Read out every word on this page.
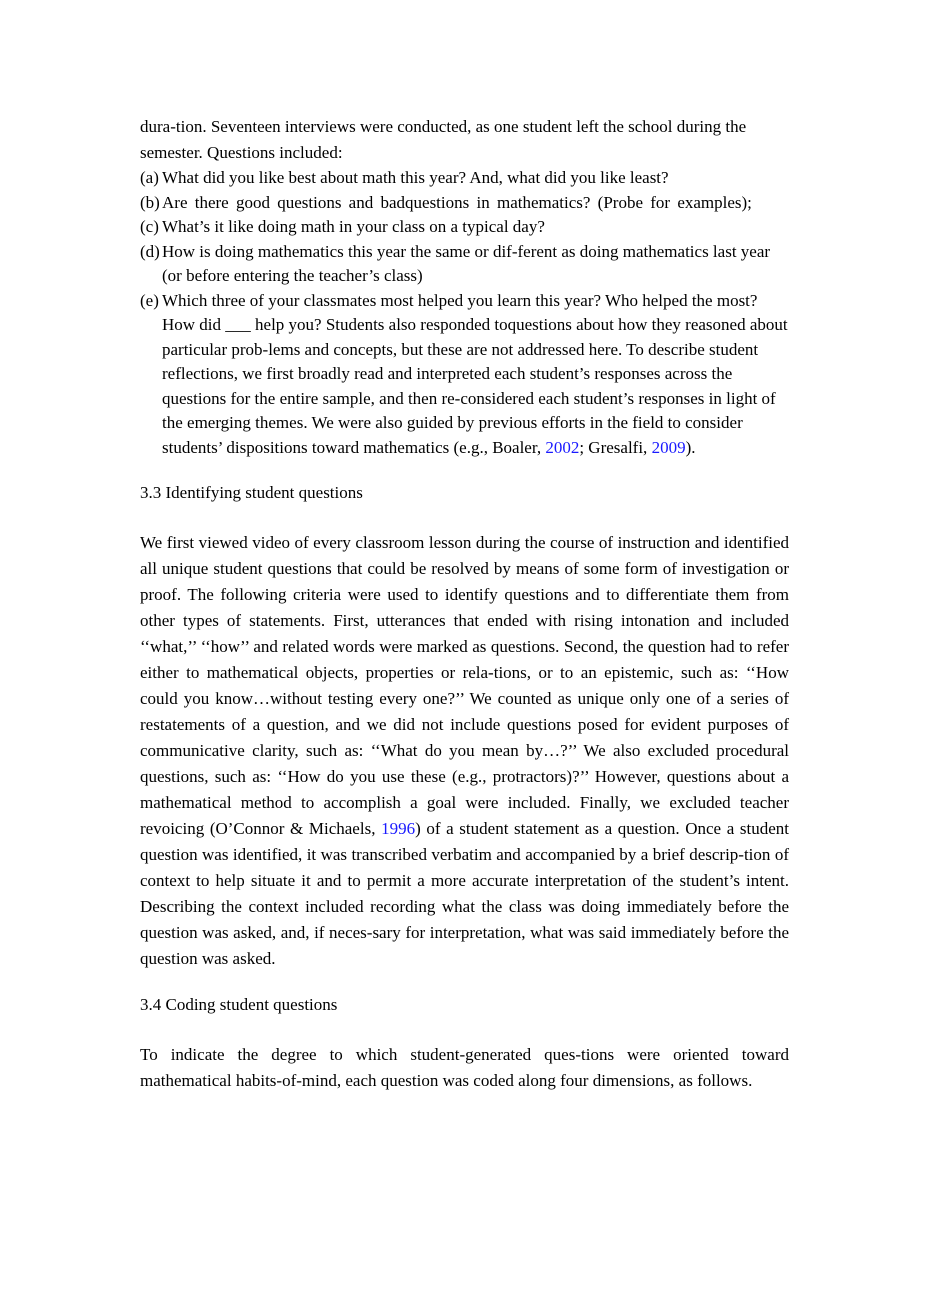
dura-tion. Seventeen interviews were conducted, as one student left the school during the semester. Questions included:

(a) What did you like best about math this year? And, what did you like least?
(b) Are there good questions and badquestions in mathematics? (Probe for examples);
(c) What’s it like doing math in your class on a typical day?
(d) How is doing mathematics this year the same or dif-ferent as doing mathematics last year (or before entering the teacher’s class)
(e) Which three of your classmates most helped you learn this year? Who helped the most? How did ___ help you? Students also responded toquestions about how they reasoned about particular prob-lems and concepts, but these are not addressed here. To describe student reflections, we first broadly read and interpreted each student’s responses across the questions for the entire sample, and then re-considered each student’s responses in light of the emerging themes. We were also guided by previous efforts in the field to consider students’ dispositions toward mathematics (e.g., Boaler, 2002; Gresalfi, 2009).

3.3 Identifying student questions

We first viewed video of every classroom lesson during the course of instruction and identified all unique student questions that could be resolved by means of some form of investigation or proof. The following criteria were used to identify questions and to differentiate them from other types of statements. First, utterances that ended with rising intonation and included ‘‘what,’’ ‘‘how’’ and related words were marked as questions. Second, the question had to refer either to mathematical objects, properties or rela-tions, or to an epistemic, such as: ‘‘How could you know…without testing every one?’’ We counted as unique only one of a series of restatements of a question, and we did not include questions posed for evident purposes of communicative clarity, such as: ‘‘What do you mean by…?’’ We also excluded procedural questions, such as: ‘‘How do you use these (e.g., protractors)?’’ However, questions about a mathematical method to accomplish a goal were included. Finally, we excluded teacher revoicing (O’Connor & Michaels, 1996) of a student statement as a question. Once a student question was identified, it was transcribed verbatim and accompanied by a brief descrip-tion of context to help situate it and to permit a more accurate interpretation of the student’s intent. Describing the context included recording what the class was doing immediately before the question was asked, and, if neces-sary for interpretation, what was said immediately before the question was asked.

3.4 Coding student questions

To indicate the degree to which student-generated ques-tions were oriented toward mathematical habits-of-mind, each question was coded along four dimensions, as follows.
